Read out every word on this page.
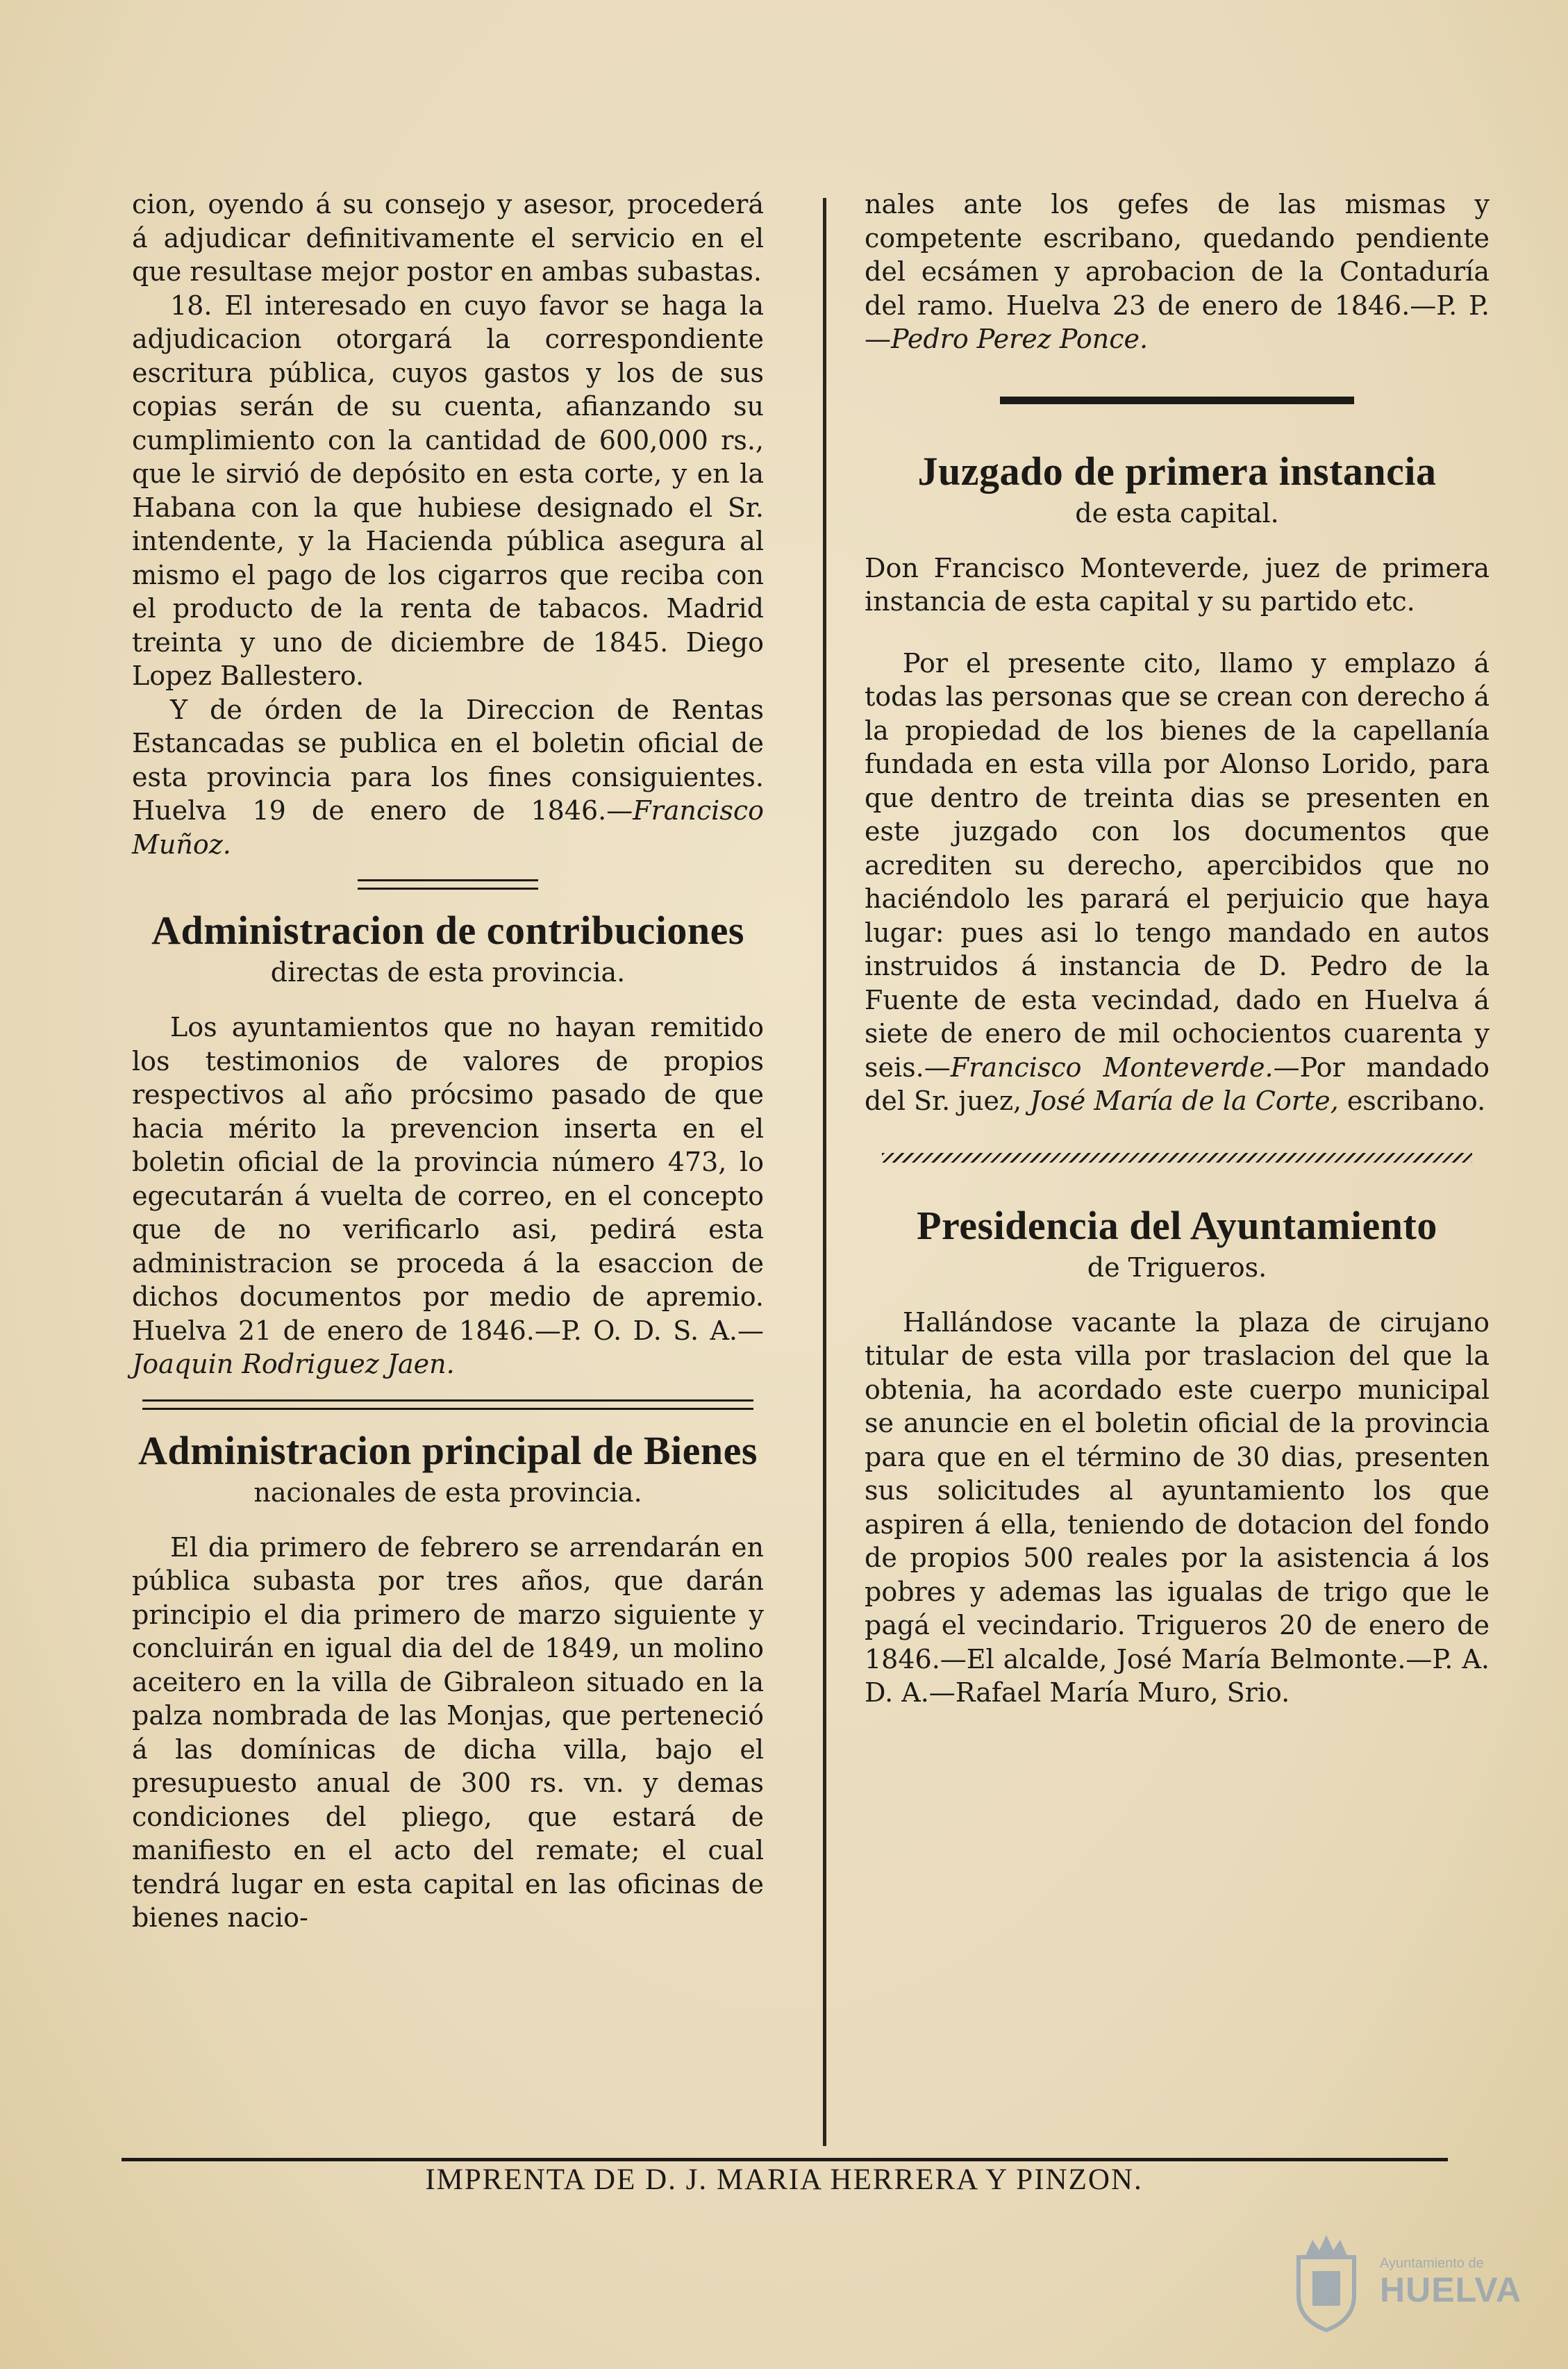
cion, oyendo á su consejo y asesor, procederá á adjudicar definitivamente el servicio en el que resultase mejor postor en ambas subastas.

18. El interesado en cuyo favor se haga la adjudicacion otorgará la correspondiente escritura pública, cuyos gastos y los de sus copias serán de su cuenta, afianzando su cumplimiento con la cantidad de 600,000 rs., que le sirvió de depósito en esta corte, y en la Habana con la que hubiese designado el Sr. intendente, y la Hacienda pública asegura al mismo el pago de los cigarros que reciba con el producto de la renta de tabacos. Madrid treinta y uno de diciembre de 1845. Diego Lopez Ballestero.

Y de órden de la Direccion de Rentas Estancadas se publica en el boletin oficial de esta provincia para los fines consiguientes. Huelva 19 de enero de 1846.—Francisco Muñoz.

Administracion de contribuciones
directas de esta provincia.

Los ayuntamientos que no hayan remitido los testimonios de valores de propios respectivos al año prócsimo pasado de que hacia mérito la prevencion inserta en el boletin oficial de la provincia número 473, lo egecutarán á vuelta de correo, en el concepto que de no verificarlo asi, pedirá esta administracion se proceda á la esaccion de dichos documentos por medio de apremio. Huelva 21 de enero de 1846.—P. O. D. S. A.—Joaquin Rodriguez Jaen.

Administracion principal de Bienes
nacionales de esta provincia.

El dia primero de febrero se arrendarán en pública subasta por tres años, que darán principio el dia primero de marzo siguiente y concluirán en igual dia del de 1849, un molino aceitero en la villa de Gibraleon situado en la palza nombrada de las Monjas, que perteneció á las domínicas de dicha villa, bajo el presupuesto anual de 300 rs. vn. y demas condiciones del pliego, que estará de manifiesto en el acto del remate; el cual tendrá lugar en esta capital en las oficinas de bienes nacio-

nales ante los gefes de las mismas y competente escribano, quedando pendiente del ecsámen y aprobacion de la Contaduría del ramo. Huelva 23 de enero de 1846.—P. P.—Pedro Perez Ponce.

Juzgado de primera instancia
de esta capital.

Don Francisco Monteverde, juez de primera instancia de esta capital y su partido etc.

Por el presente cito, llamo y emplazo á todas las personas que se crean con derecho á la propiedad de los bienes de la capellanía fundada en esta villa por Alonso Lorido, para que dentro de treinta dias se presenten en este juzgado con los documentos que acrediten su derecho, apercibidos que no haciéndolo les parará el perjuicio que haya lugar: pues asi lo tengo mandado en autos instruidos á instancia de D. Pedro de la Fuente de esta vecindad, dado en Huelva á siete de enero de mil ochocientos cuarenta y seis.—Francisco Monteverde.—Por mandado del Sr. juez, José María de la Corte, escribano.

Presidencia del Ayuntamiento
de Trigueros.

Hallándose vacante la plaza de cirujano titular de esta villa por traslacion del que la obtenia, ha acordado este cuerpo municipal se anuncie en el boletin oficial de la provincia para que en el término de 30 dias, presenten sus solicitudes al ayuntamiento los que aspiren á ella, teniendo de dotacion del fondo de propios 500 reales por la asistencia á los pobres y ademas las igualas de trigo que le pagá el vecindario. Trigueros 20 de enero de 1846.—El alcalde, José María Belmonte.—P. A. D. A.—Rafael María Muro, Srio.

IMPRENTA DE D. J. MARIA HERRERA Y PINZON.
Ayuntamiento de
HUELVA
